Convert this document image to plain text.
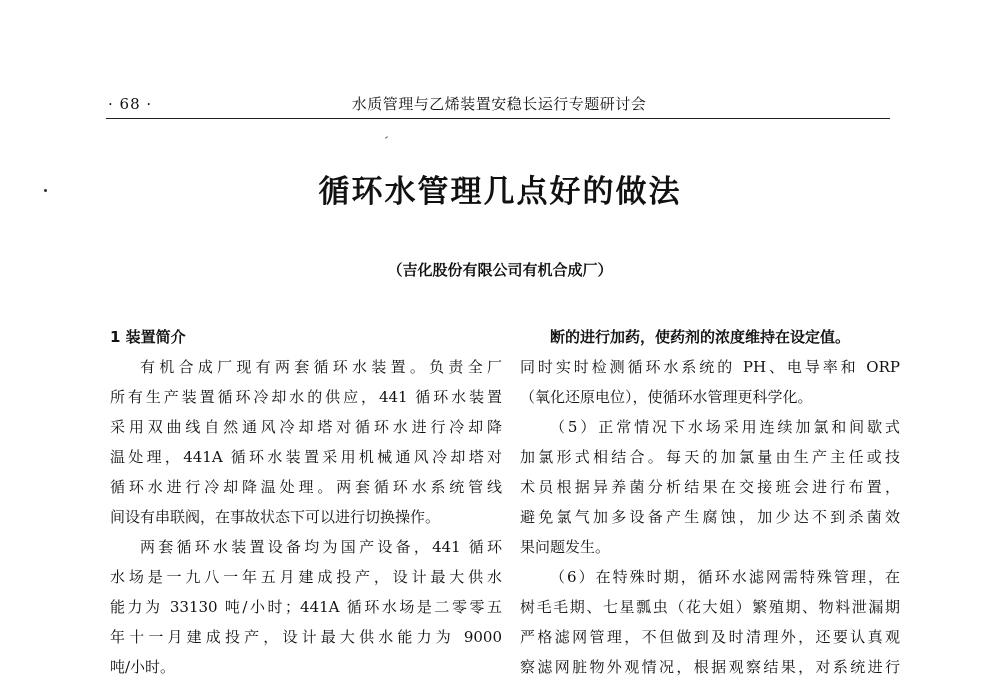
· 68 ·	水质管理与乙烯装置安稳长运行专题研讨会
循环水管理几点好的做法
（吉化股份有限公司有机合成厂）
1 装置简介
有机合成厂现有两套循环水装置。负责全厂
所有生产装置循环冷却水的供应，441 循环水装置
采用双曲线自然通风冷却塔对循环水进行冷却降
温处理，441A 循环水装置采用机械通风冷却塔对
循环水进行冷却降温处理。两套循环水系统管线
间设有串联阀，在事故状态下可以进行切换操作。
两套循环水装置设备均为国产设备，441 循环
水场是一九八一年五月建成投产，设计最大供水
能力为 33130 吨/小时；441A 循环水场是二零零五
年十一月建成投产，设计最大供水能力为 9000
吨/小时。
断的进行加药，使药剂的浓度维持在设定值。
同时实时检测循环水系统的 PH、电导率和 ORP
（氧化还原电位），使循环水管理更科学化。
（5）正常情况下水场采用连续加氯和间歇式
加氯形式相结合。每天的加氯量由生产主任或技
术员根据异养菌分析结果在交接班会进行布置，
避免氯气加多设备产生腐蚀，加少达不到杀菌效
果问题发生。
（6）在特殊时期，循环水滤网需特殊管理，在
树毛毛期、七星瓢虫（花大姐）繁殖期、物料泄漏期
严格滤网管理，不但做到及时清理外，还要认真观
察滤网脏物外观情况，根据观察结果，对系统进行
